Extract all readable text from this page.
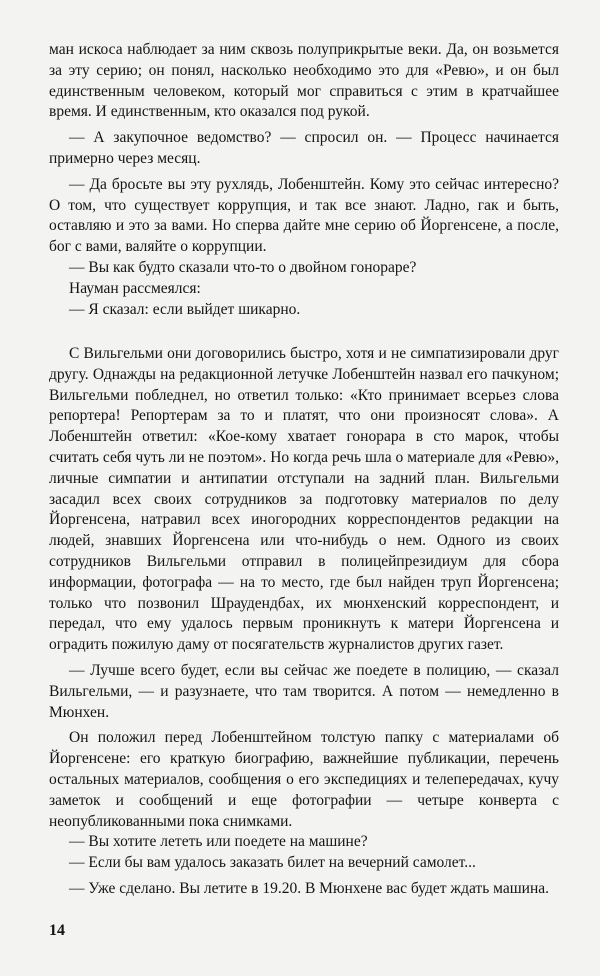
ман искоса наблюдает за ним сквозь полуприкрытые веки. Да, он возьмется за эту серию; он понял, насколько необходимо это для «Ревю», и он был единственным человеком, который мог справиться с этим в кратчайшее время. И единственным, кто оказался под рукой.

— А закупочное ведомство? — спросил он. — Процесс начинается примерно через месяц.

— Да бросьте вы эту рухлядь, Лобенштейн. Кому это сейчас интересно? О том, что существует коррупция, и так все знают. Ладно, гак и быть, оставляю и это за вами. Но сперва дайте мне серию об Йоргенсене, а после, бог с вами, валяйте о коррупции.

— Вы как будто сказали что-то о двойном гонораре?

Науман рассмеялся:

— Я сказал: если выйдет шикарно.

С Вильгельми они договорились быстро, хотя и не симпатизировали друг другу. Однажды на редакционной летучке Лобенштейн назвал его пачкуном; Вильгельми побледнел, но ответил только: «Кто принимает всерьез слова репортера! Репортерам за то и платят, что они произносят слова». А Лобенштейн ответил: «Кое-кому хватает гонорара в сто марок, чтобы считать себя чуть ли не поэтом». Но когда речь шла о материале для «Ревю», личные симпатии и антипатии отступали на задний план. Вильгельми засадил всех своих сотрудников за подготовку материалов по делу Йоргенсена, натравил всех иногородних корреспондентов редакции на людей, знавших Йоргенсена или что-нибудь о нем. Одного из своих сотрудников Вильгельми отправил в полицейпрезидиум для сбора информации, фотографа — на то место, где был найден труп Йоргенсена; только что позвонил Шраудендбах, их мюнхенский корреспондент, и передал, что ему удалось первым проникнуть к матери Йоргенсена и оградить пожилую даму от посягательств журналистов других газет.

— Лучше всего будет, если вы сейчас же поедете в полицию, — сказал Вильгельми, — и разузнаете, что там творится. А потом — немедленно в Мюнхен.

Он положил перед Лобенштейном толстую папку с материалами об Йоргенсене: его краткую биографию, важнейшие публикации, перечень остальных материалов, сообщения о его экспедициях и телепередачах, кучу заметок и сообщений и еще фотографии — четыре конверта с неопубликованными пока снимками.

— Вы хотите лететь или поедете на машине?

— Если бы вам удалось заказать билет на вечерний самолет...

— Уже сделано. Вы летите в 19.20. В Мюнхене вас будет ждать машина.

14
